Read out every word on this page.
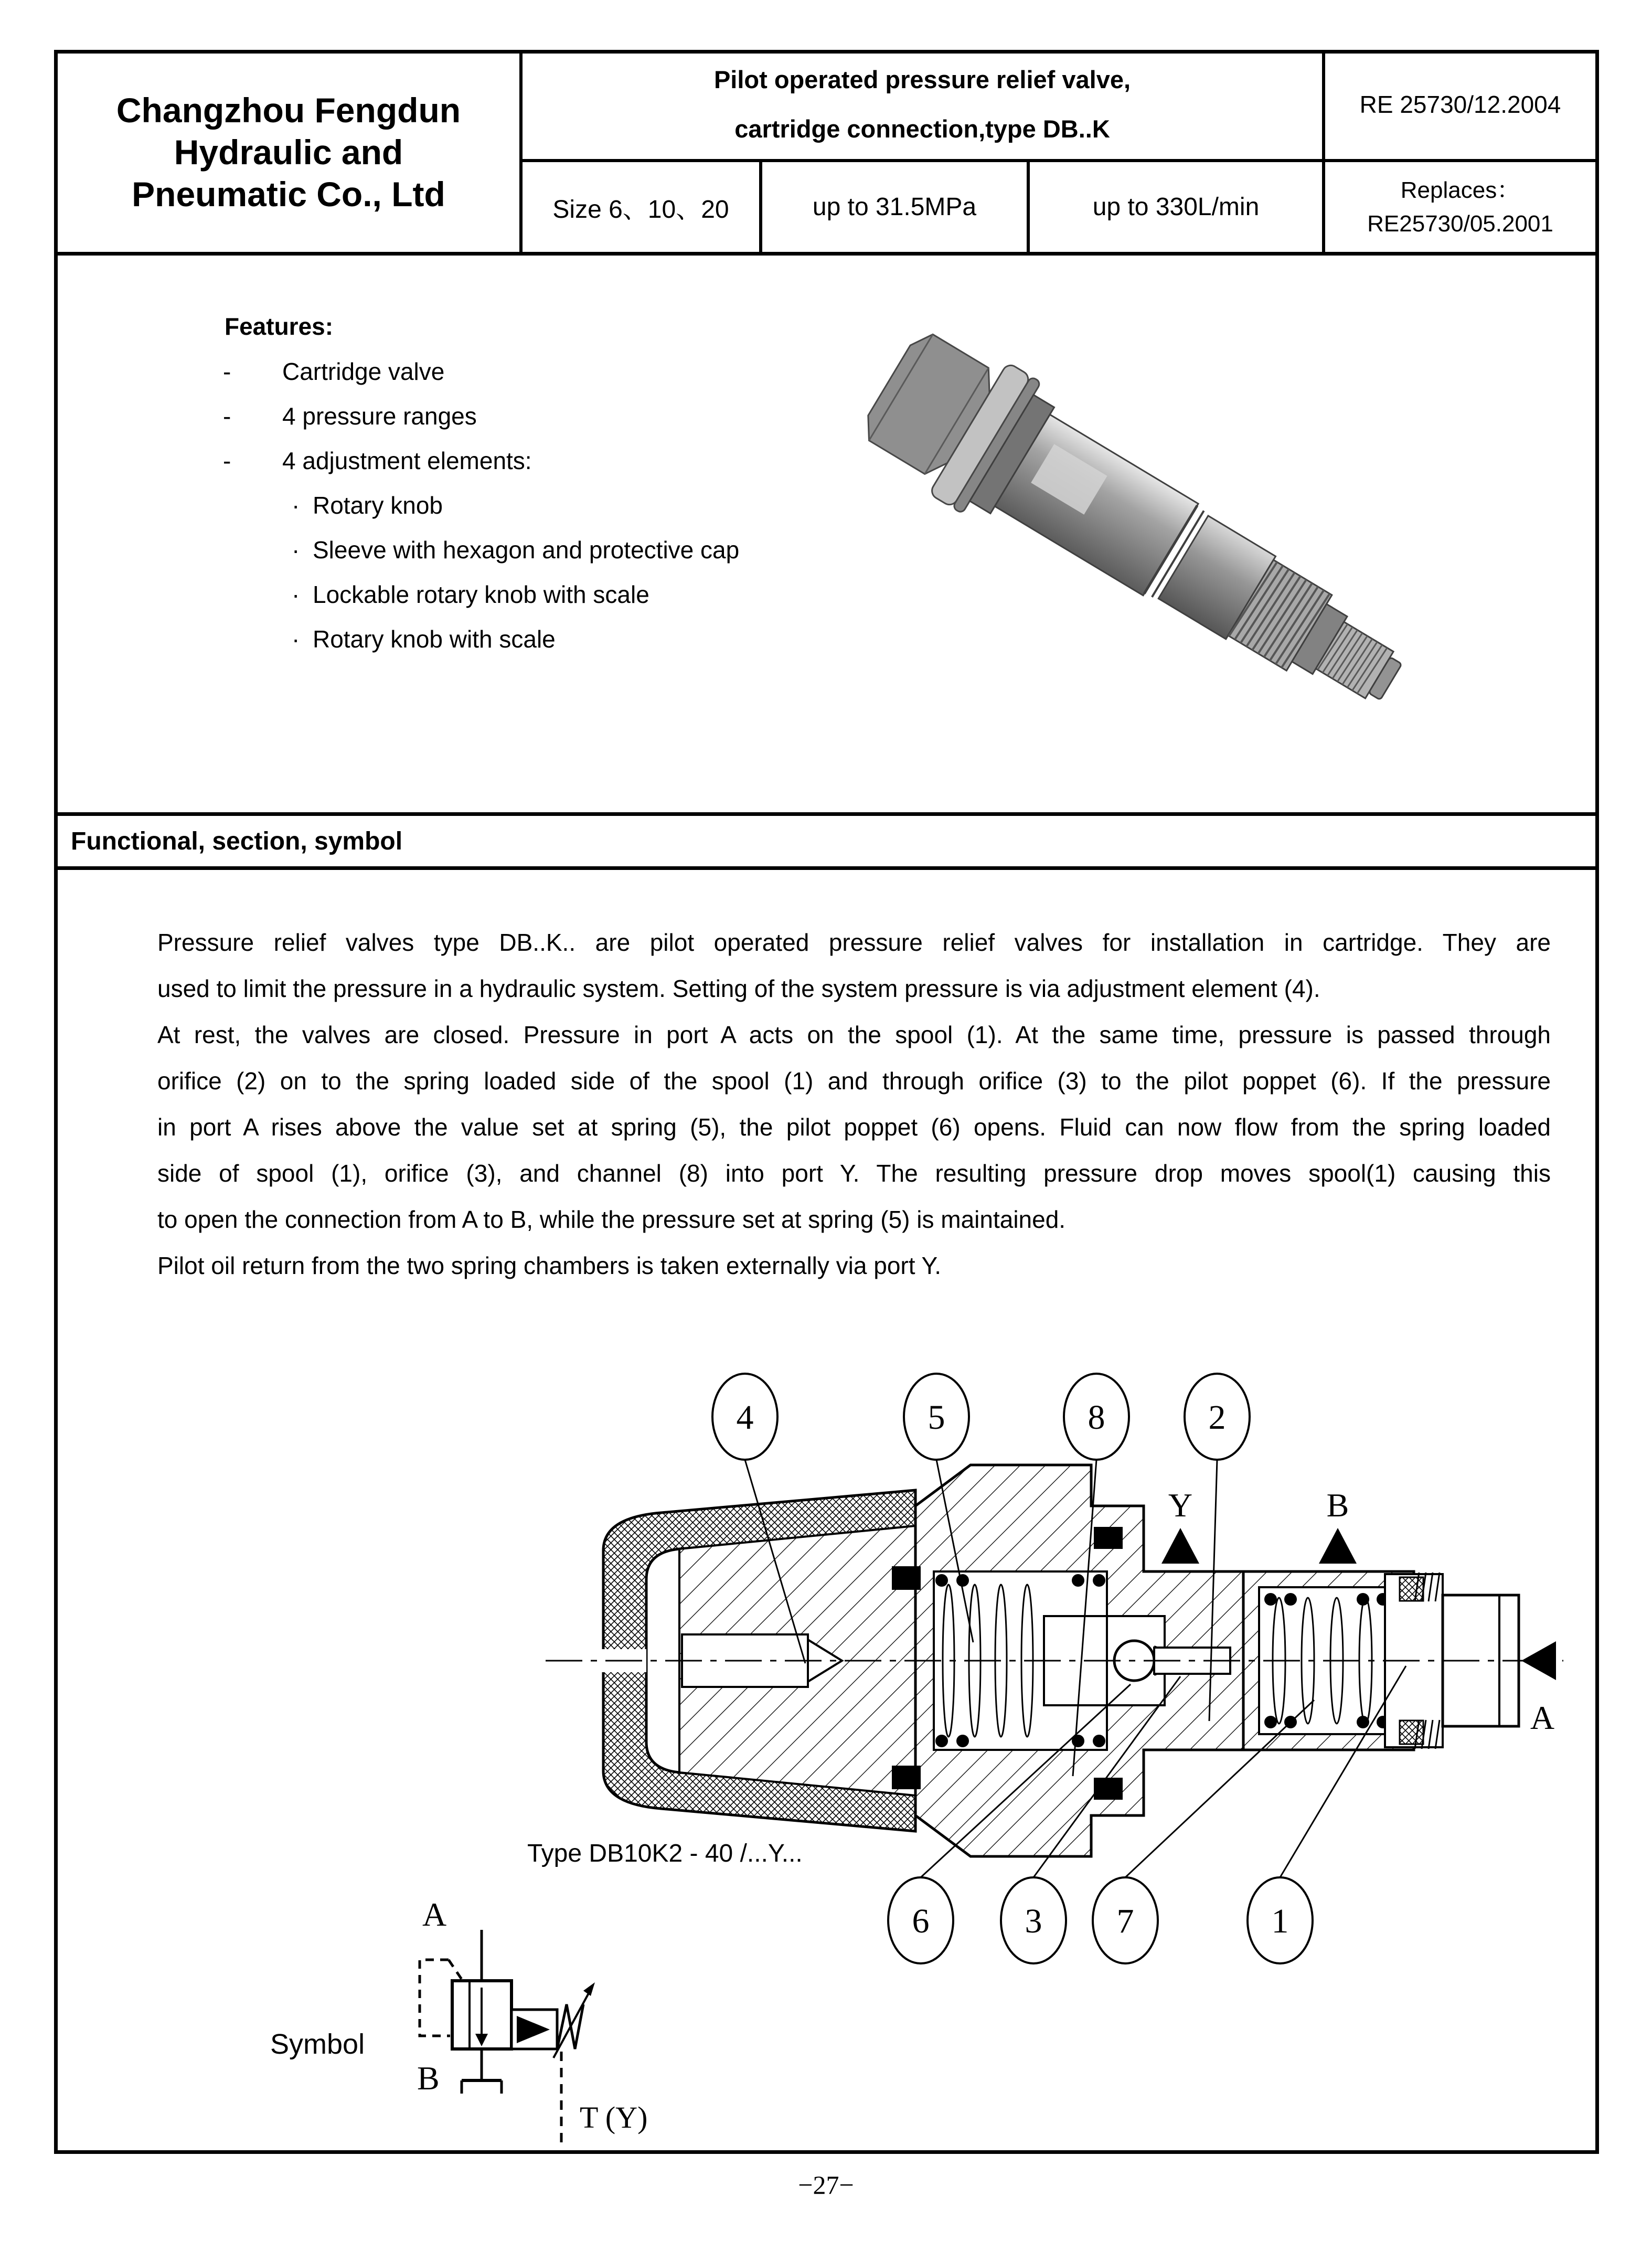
Changzhou Fengdun
Hydraulic and
Pneumatic Co., Ltd
Pilot operated pressure relief valve,
cartridge connection,type DB..K
RE 25730/12.2004
Size 6、10、20	up to 31.5MPa	up to 330L/min
Replaces：
RE25730/05.2001
Features:
- Cartridge valve
- 4 pressure ranges
- 4 adjustment elements:
· Rotary knob
· Sleeve with hexagon and protective cap
· Lockable rotary knob with scale
· Rotary knob with scale
Functional, section, symbol
Pressure relief valves type DB..K.. are pilot operated pressure relief valves for installation in cartridge. They are
used to limit the pressure in a hydraulic system. Setting of the system pressure is via adjustment element (4).
At rest, the valves are closed. Pressure in port A acts on the spool (1). At the same time, pressure is passed through
orifice (2) on to the spring loaded side of the spool (1) and through orifice (3) to the pilot poppet (6). If the pressure
in port A rises above the value set at spring (5), the pilot poppet (6) opens. Fluid can now flow from the spring loaded
side of spool (1), orifice (3), and channel (8) into port Y. The resulting pressure drop moves spool(1) causing this
to open the connection from A to B, while the pressure set at spring (5) is maintained.
Pilot oil return from the two spring chambers is taken externally via port Y.
4	5	8	2
6	3 7	1
Y	B
A
Type DB10K2 - 40 /...Y...
A
B
T (Y)
Symbol
−27−
